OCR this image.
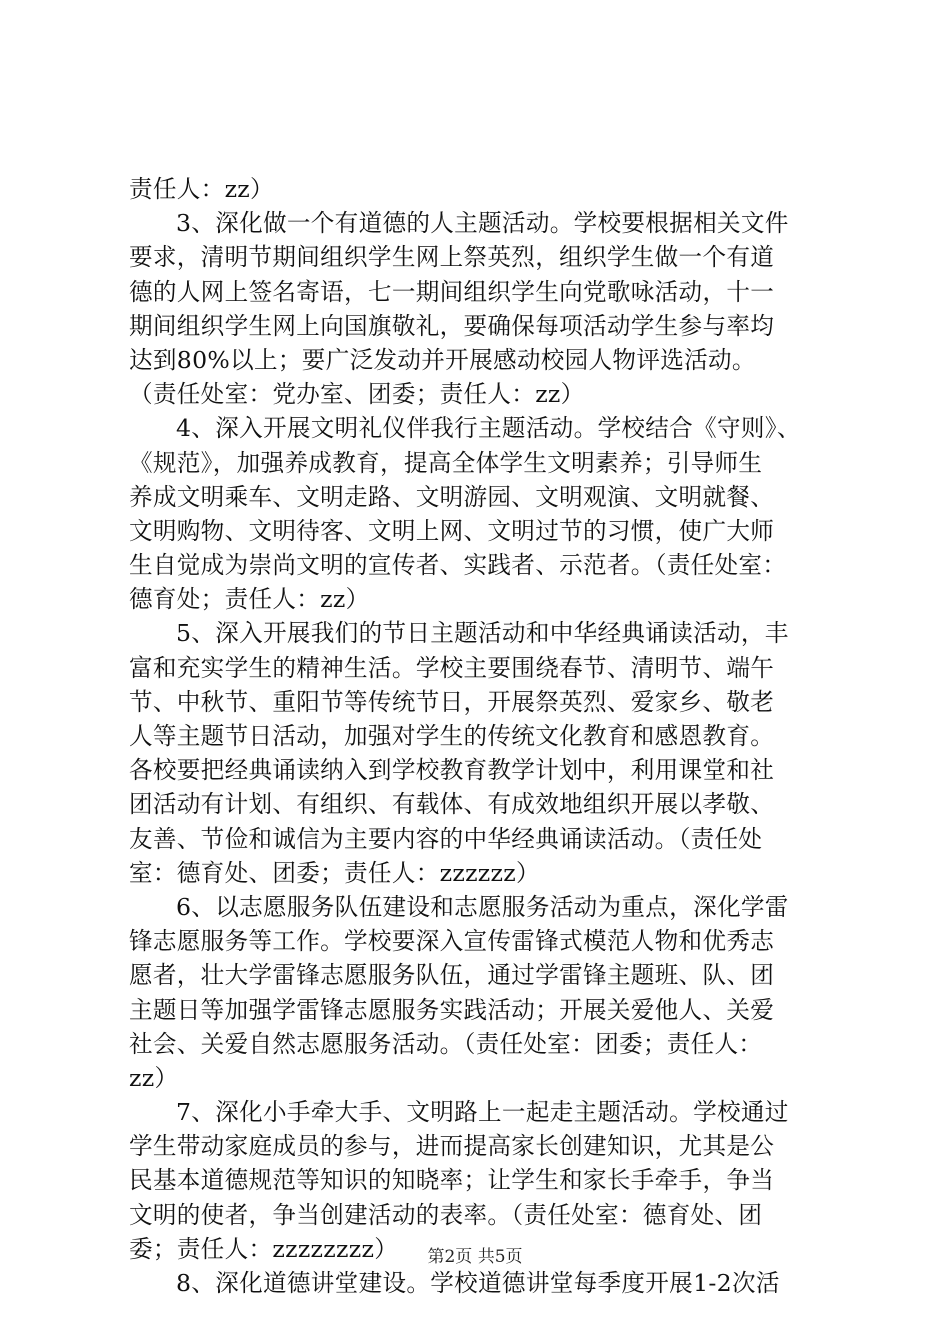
责任人：zz）
3、深化做一个有道德的人主题活动。学校要根据相关文件
要求，清明节期间组织学生网上祭英烈，组织学生做一个有道
德的人网上签名寄语，七一期间组织学生向党歌咏活动，十一
期间组织学生网上向国旗敬礼，要确保每项活动学生参与率均
达到80%以上；要广泛发动并开展感动校园人物评选活动。
（责任处室：党办室、团委；责任人：zz）
4、深入开展文明礼仪伴我行主题活动。学校结合《守则》、
《规范》，加强养成教育，提高全体学生文明素养；引导师生
养成文明乘车、文明走路、文明游园、文明观演、文明就餐、
文明购物、文明待客、文明上网、文明过节的习惯，使广大师
生自觉成为崇尚文明的宣传者、实践者、示范者。（责任处室：
德育处；责任人：zz）
5、深入开展我们的节日主题活动和中华经典诵读活动，丰
富和充实学生的精神生活。学校主要围绕春节、清明节、端午
节、中秋节、重阳节等传统节日，开展祭英烈、爱家乡、敬老
人等主题节日活动，加强对学生的传统文化教育和感恩教育。
各校要把经典诵读纳入到学校教育教学计划中，利用课堂和社
团活动有计划、有组织、有载体、有成效地组织开展以孝敬、
友善、节俭和诚信为主要内容的中华经典诵读活动。（责任处
室：德育处、团委；责任人：zzzzzz）
6、以志愿服务队伍建设和志愿服务活动为重点，深化学雷
锋志愿服务等工作。学校要深入宣传雷锋式模范人物和优秀志
愿者，壮大学雷锋志愿服务队伍，通过学雷锋主题班、队、团
主题日等加强学雷锋志愿服务实践活动；开展关爱他人、关爱
社会、关爱自然志愿服务活动。（责任处室：团委；责任人：
zz）
7、深化小手牵大手、文明路上一起走主题活动。学校通过
学生带动家庭成员的参与，进而提高家长创建知识，尤其是公
民基本道德规范等知识的知晓率；让学生和家长手牵手，争当
文明的使者，争当创建活动的表率。（责任处室：德育处、团
委；责任人：zzzzzzzz）
8、深化道德讲堂建设。学校道德讲堂每季度开展1-2次活
第2页 共5页
